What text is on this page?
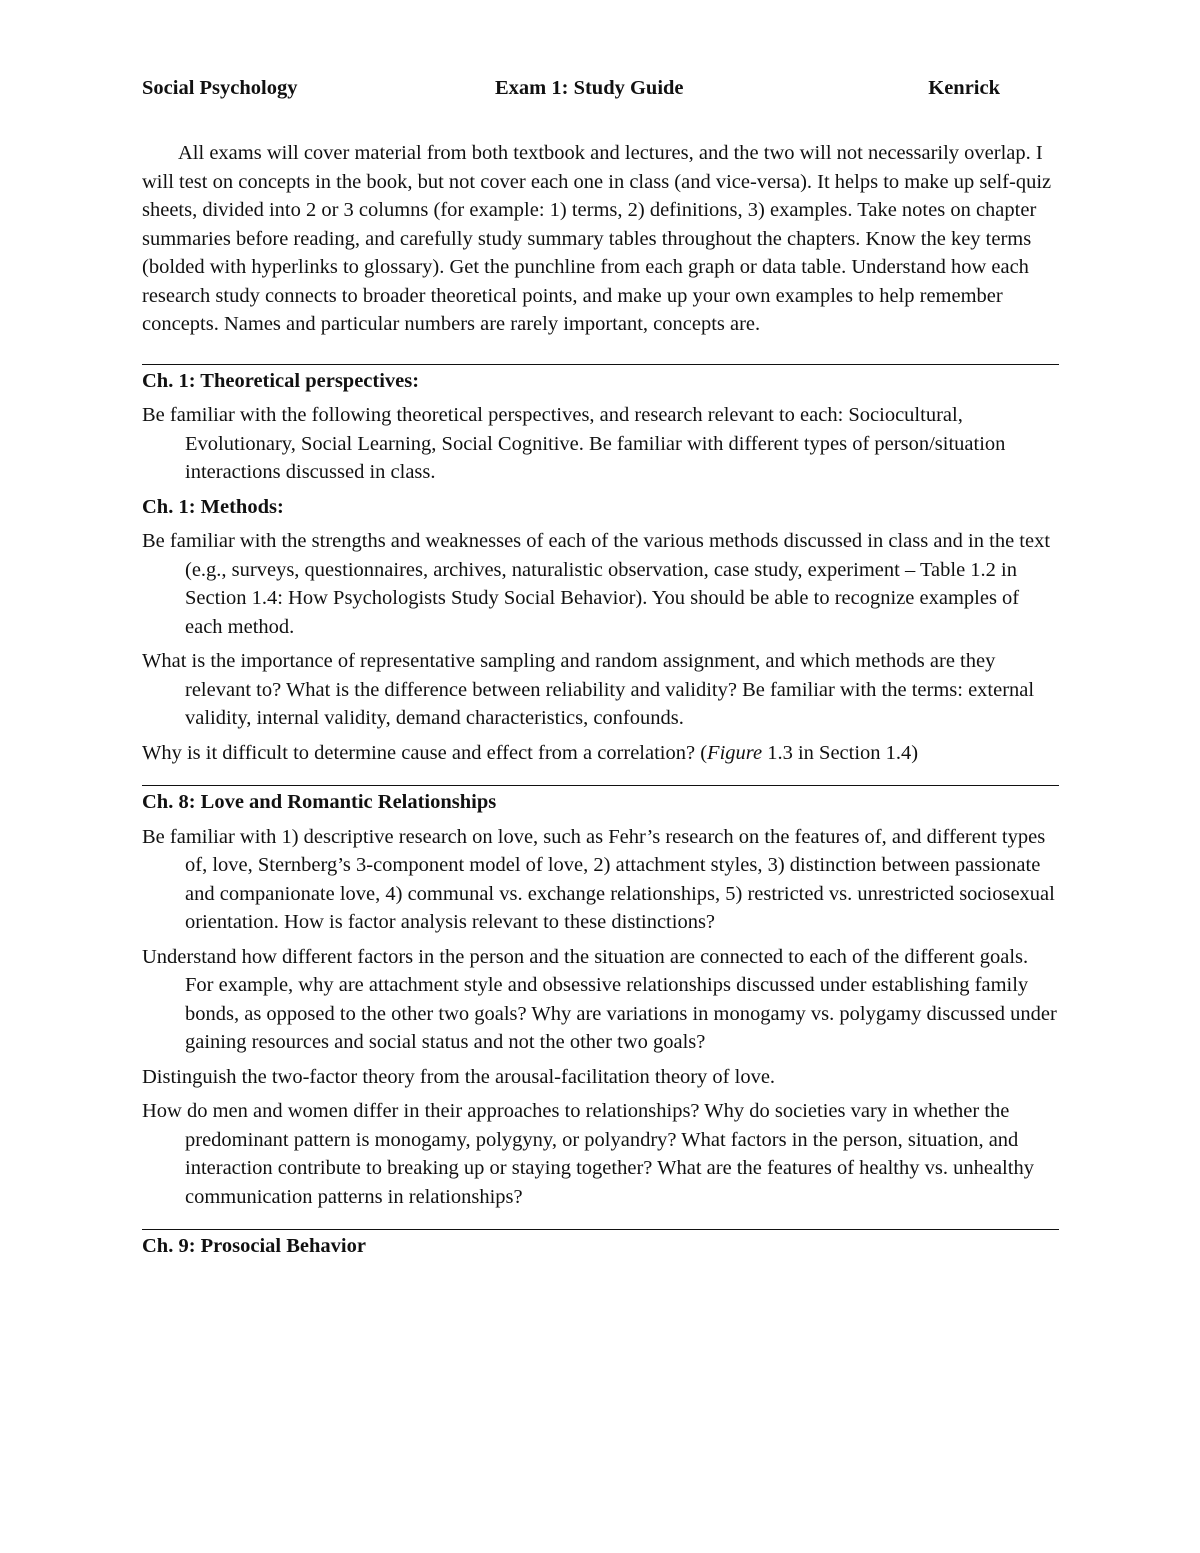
Social Psychology	Exam 1: Study Guide	Kenrick

All exams will cover material from both textbook and lectures, and the two will not necessarily overlap. I will test on concepts in the book, but not cover each one in class (and vice-versa). It helps to make up self-quiz sheets, divided into 2 or 3 columns (for example: 1) terms, 2) definitions, 3) examples. Take notes on chapter summaries before reading, and carefully study summary tables throughout the chapters. Know the key terms (bolded with hyperlinks to glossary). Get the punchline from each graph or data table. Understand how each research study connects to broader theoretical points, and make up your own examples to help remember concepts. Names and particular numbers are rarely important, concepts are.

Ch. 1: Theoretical perspectives:

Be familiar with the following theoretical perspectives, and research relevant to each: Sociocultural, Evolutionary, Social Learning, Social Cognitive. Be familiar with different types of person/situation interactions discussed in class.

Ch. 1: Methods:

Be familiar with the strengths and weaknesses of each of the various methods discussed in class and in the text (e.g., surveys, questionnaires, archives, naturalistic observation, case study, experiment – Table 1.2 in Section 1.4: How Psychologists Study Social Behavior). You should be able to recognize examples of each method.

What is the importance of representative sampling and random assignment, and which methods are they relevant to? What is the difference between reliability and validity? Be familiar with the terms: external validity, internal validity, demand characteristics, confounds.

Why is it difficult to determine cause and effect from a correlation? (Figure 1.3 in Section 1.4)

Ch. 8: Love and Romantic Relationships

Be familiar with 1) descriptive research on love, such as Fehr’s research on the features of, and different types of, love, Sternberg’s 3-component model of love, 2) attachment styles, 3) distinction between passionate and companionate love, 4) communal vs. exchange relationships, 5) restricted vs. unrestricted sociosexual orientation. How is factor analysis relevant to these distinctions?

Understand how different factors in the person and the situation are connected to each of the different goals. For example, why are attachment style and obsessive relationships discussed under establishing family bonds, as opposed to the other two goals? Why are variations in monogamy vs. polygamy discussed under gaining resources and social status and not the other two goals?

Distinguish the two-factor theory from the arousal-facilitation theory of love.

How do men and women differ in their approaches to relationships? Why do societies vary in whether the predominant pattern is monogamy, polygyny, or polyandry? What factors in the person, situation, and interaction contribute to breaking up or staying together? What are the features of healthy vs. unhealthy communication patterns in relationships?

Ch. 9: Prosocial Behavior
